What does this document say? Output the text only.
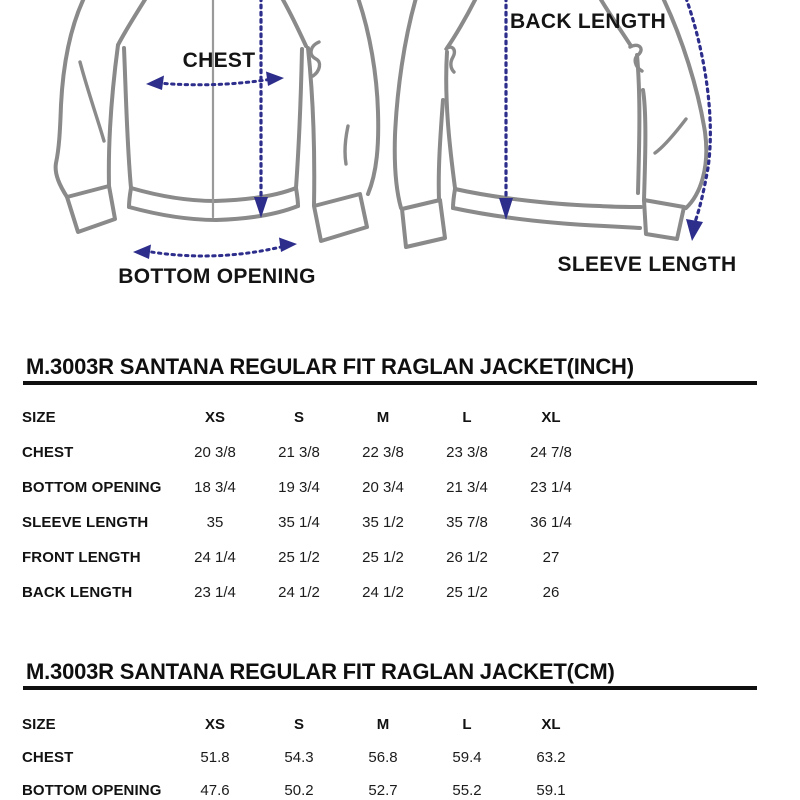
CHEST
BOTTOM OPENING
BACK LENGTH
SLEEVE LENGTH
M.3003R SANTANA REGULAR FIT RAGLAN JACKET(INCH)
SIZE	XS	S	M	L	XL
CHEST	20 3/8	21 3/8	22 3/8	23 3/8	24 7/8
BOTTOM OPENING	18 3/4	19 3/4	20 3/4	21 3/4	23 1/4
SLEEVE LENGTH	35	35 1/4	35 1/2	35 7/8	36 1/4
FRONT LENGTH	24 1/4	25 1/2	25 1/2	26 1/2	27
BACK LENGTH	23 1/4	24 1/2	24 1/2	25 1/2	26
M.3003R SANTANA REGULAR FIT RAGLAN JACKET(CM)
SIZE	XS	S	M	L	XL
CHEST	51.8	54.3	56.8	59.4	63.2
BOTTOM OPENING	47.6	50.2	52.7	55.2	59.1
